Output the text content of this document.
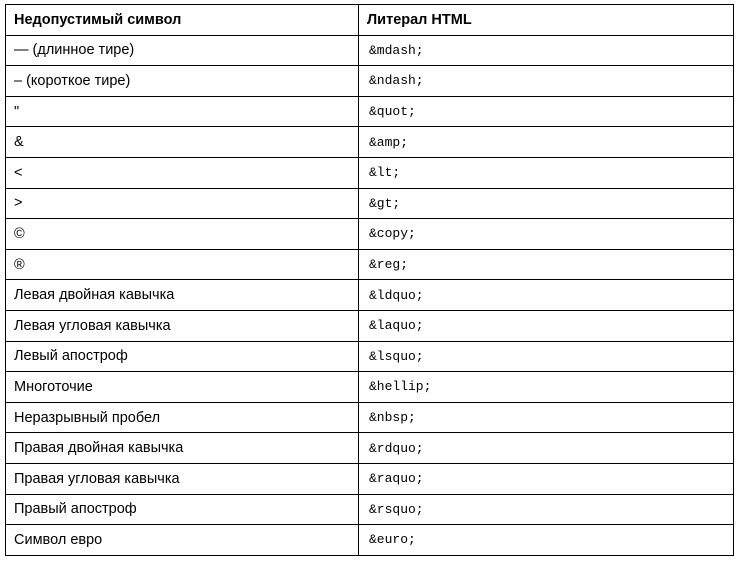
Недопустимый символ	Литерал HTML
— (длинное тире)	&mdash;
– (короткое тире)	&ndash;
"	&quot;
&	&amp;
<	&lt;
>	&gt;
©	&copy;
®	&reg;
Левая двойная кавычка	&ldquo;
Левая угловая кавычка	&laquo;
Левый апостроф	&lsquo;
Многоточие	&hellip;
Неразрывный пробел	&nbsp;
Правая двойная кавычка	&rdquo;
Правая угловая кавычка	&raquo;
Правый апостроф	&rsquo;
Символ евро	&euro;
